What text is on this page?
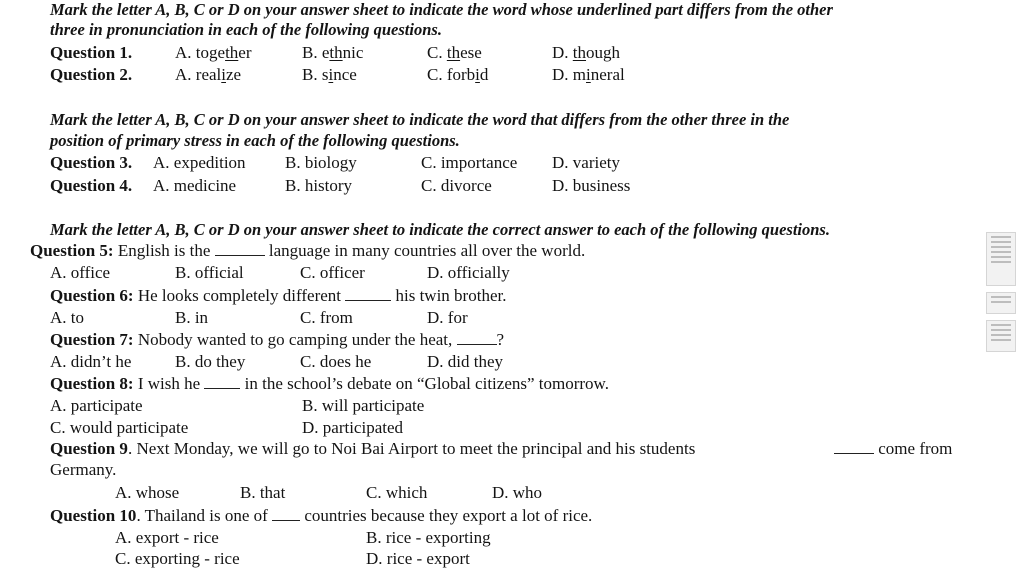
Mark the letter A, B, C or D on your answer sheet to indicate the word whose underlined part differs from the other
three in pronunciation in each of the following questions.
Question 1.	A. together	B. ethnic	C. these	D. though
Question 2.	A. realize	B. since	C. forbid	D. mineral
Mark the letter A, B, C or D on your answer sheet to indicate the word that differs from the other three in the
position of primary stress in each of the following questions.
Question 3. A. expedition B. biology	C. importance D. variety
Question 4. A. medicine	B. history	C. divorce	D. business
Mark the letter A, B, C or D on your answer sheet to indicate the correct answer to each of the following questions.
Question 5: English is the	language in many countries all over the world.
A. office	B. official	C. officer	D. officially
Question 6: He looks completely different	his twin brother.
A. to	B. in	C. from	D. for
Question 7: Nobody wanted to go camping under the heat, ?
A. didn’t he	B. do they	C. does he	D. did they
Question 8: I wish he  in the school’s debate on “Global citizens” tomorrow.
A. participate	B. will participate
C. would participate	D. participated
Question 9. Next Monday, we will go to Noi Bai Airport to meet the principal and his students	come from
Germany.
A. whose	B. that	C. which	D. who
Question 10. Thailand is one of  countries because they export a lot of rice.
A. export - rice	B. rice - exporting
C. exporting - rice	D. rice - export
